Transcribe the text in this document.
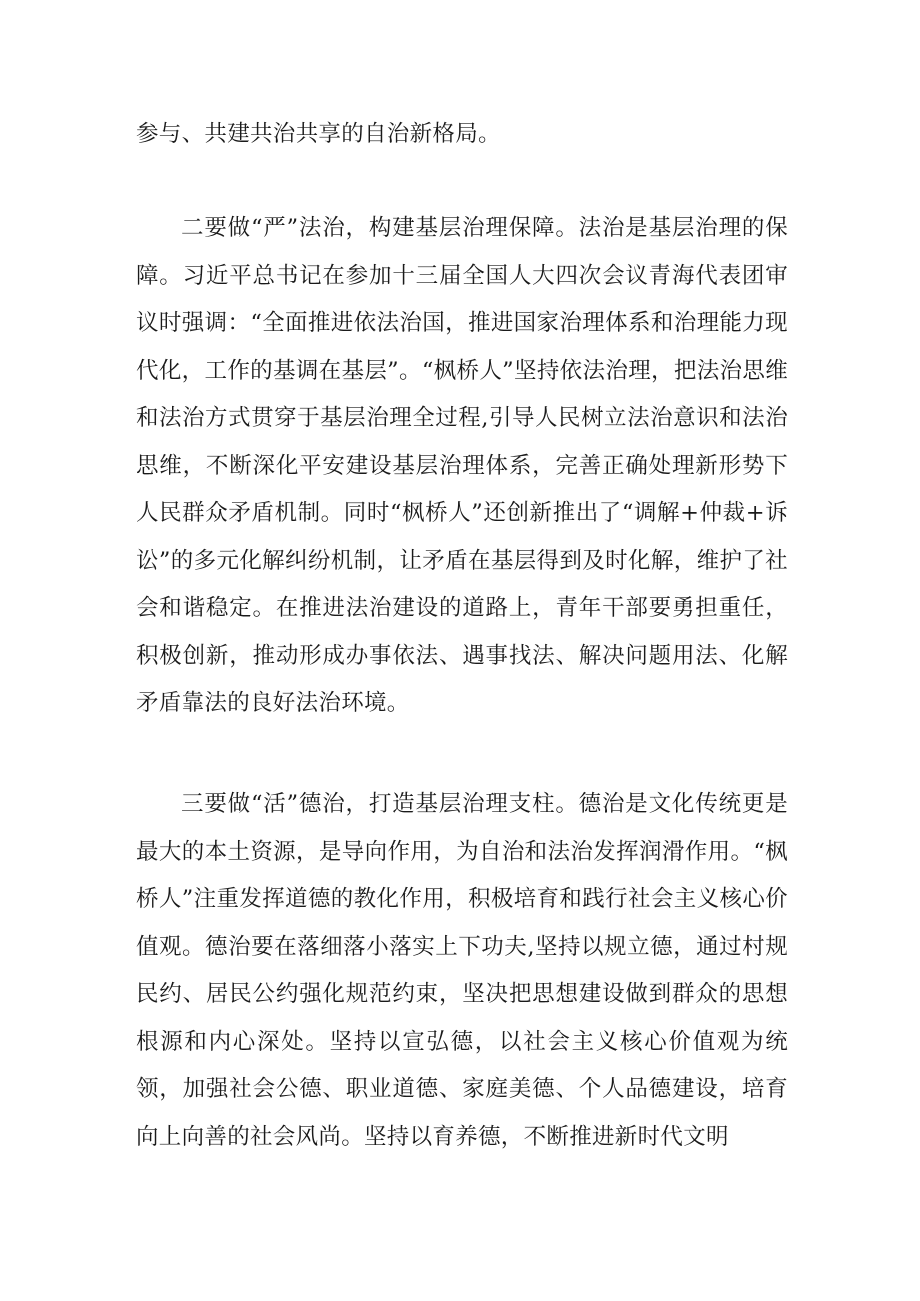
参与、共建共治共享的自治新格局。

二要做“严”法治，构建基层治理保障。法治是基层治理的保障。习近平总书记在参加十三届全国人大四次会议青海代表团审议时强调：“全面推进依法治国，推进国家治理体系和治理能力现代化，工作的基调在基层”。“枫桥人”坚持依法治理，把法治思维和法治方式贯穿于基层治理全过程,引导人民树立法治意识和法治思维，不断深化平安建设基层治理体系，完善正确处理新形势下人民群众矛盾机制。同时“枫桥人”还创新推出了“调解+仲裁+诉讼”的多元化解纠纷机制，让矛盾在基层得到及时化解，维护了社会和谐稳定。在推进法治建设的道路上，青年干部要勇担重任，积极创新，推动形成办事依法、遇事找法、解决问题用法、化解矛盾靠法的良好法治环境。

三要做“活”德治，打造基层治理支柱。德治是文化传统更是最大的本土资源，是导向作用，为自治和法治发挥润滑作用。“枫桥人”注重发挥道德的教化作用，积极培育和践行社会主义核心价值观。德治要在落细落小落实上下功夫,坚持以规立德，通过村规民约、居民公约强化规范约束，坚决把思想建设做到群众的思想根源和内心深处。坚持以宣弘德，以社会主义核心价值观为统领，加强社会公德、职业道德、家庭美德、个人品德建设，培育向上向善的社会风尚。坚持以育养德，不断推进新时代文明
